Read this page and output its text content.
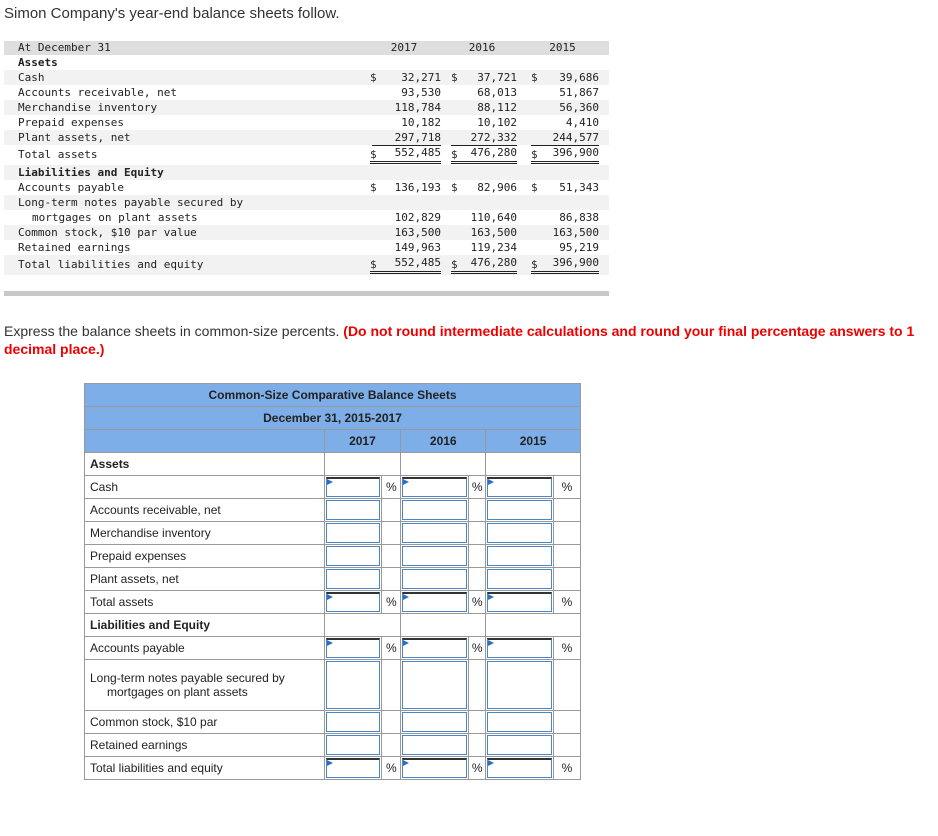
Simon Company's year-end balance sheets follow.
At December 31	2017	2016	2015
Assets
Cash	$	32,271 $	37,721 $	39,686
Accounts receivable, net	93,530	68,013	51,867
Merchandise inventory	118,784	88,112	56,360
Prepaid expenses	10,182	10,102	4,410
Plant assets, net	297,718	272,332	244,577
Total assets	$	552,485 $	476,280 $	396,900
Liabilities and Equity
Accounts payable	$	136,193 $	82,906 $	51,343
Long-term notes payable secured by
mortgages on plant assets	102,829	110,640	86,838
Common stock, $10 par value	163,500	163,500	163,500
Retained earnings	149,963	119,234	95,219
Total liabilities and equity	$	552,485 $	476,280 $	396,900
Express the balance sheets in common-size percents. (Do not round intermediate calculations and round your final percentage answers to 1 decimal place.)
Common-Size Comparative Balance Sheets						
December 31, 2015-2017						
	2017		2016		2015	
Assets						
Cash		%		%		%
Accounts receivable, net	

Merchandise inventory	

Prepaid expenses	

Plant assets, net	

Total assets		%		%		%
Liabilities and Equity						
Accounts payable		%		%		%

Long-term notes payable secured by
mortgages on plant assets						

Common stock, $10 par	

Retained earnings	

Total liabilities and equity		%		%		%
